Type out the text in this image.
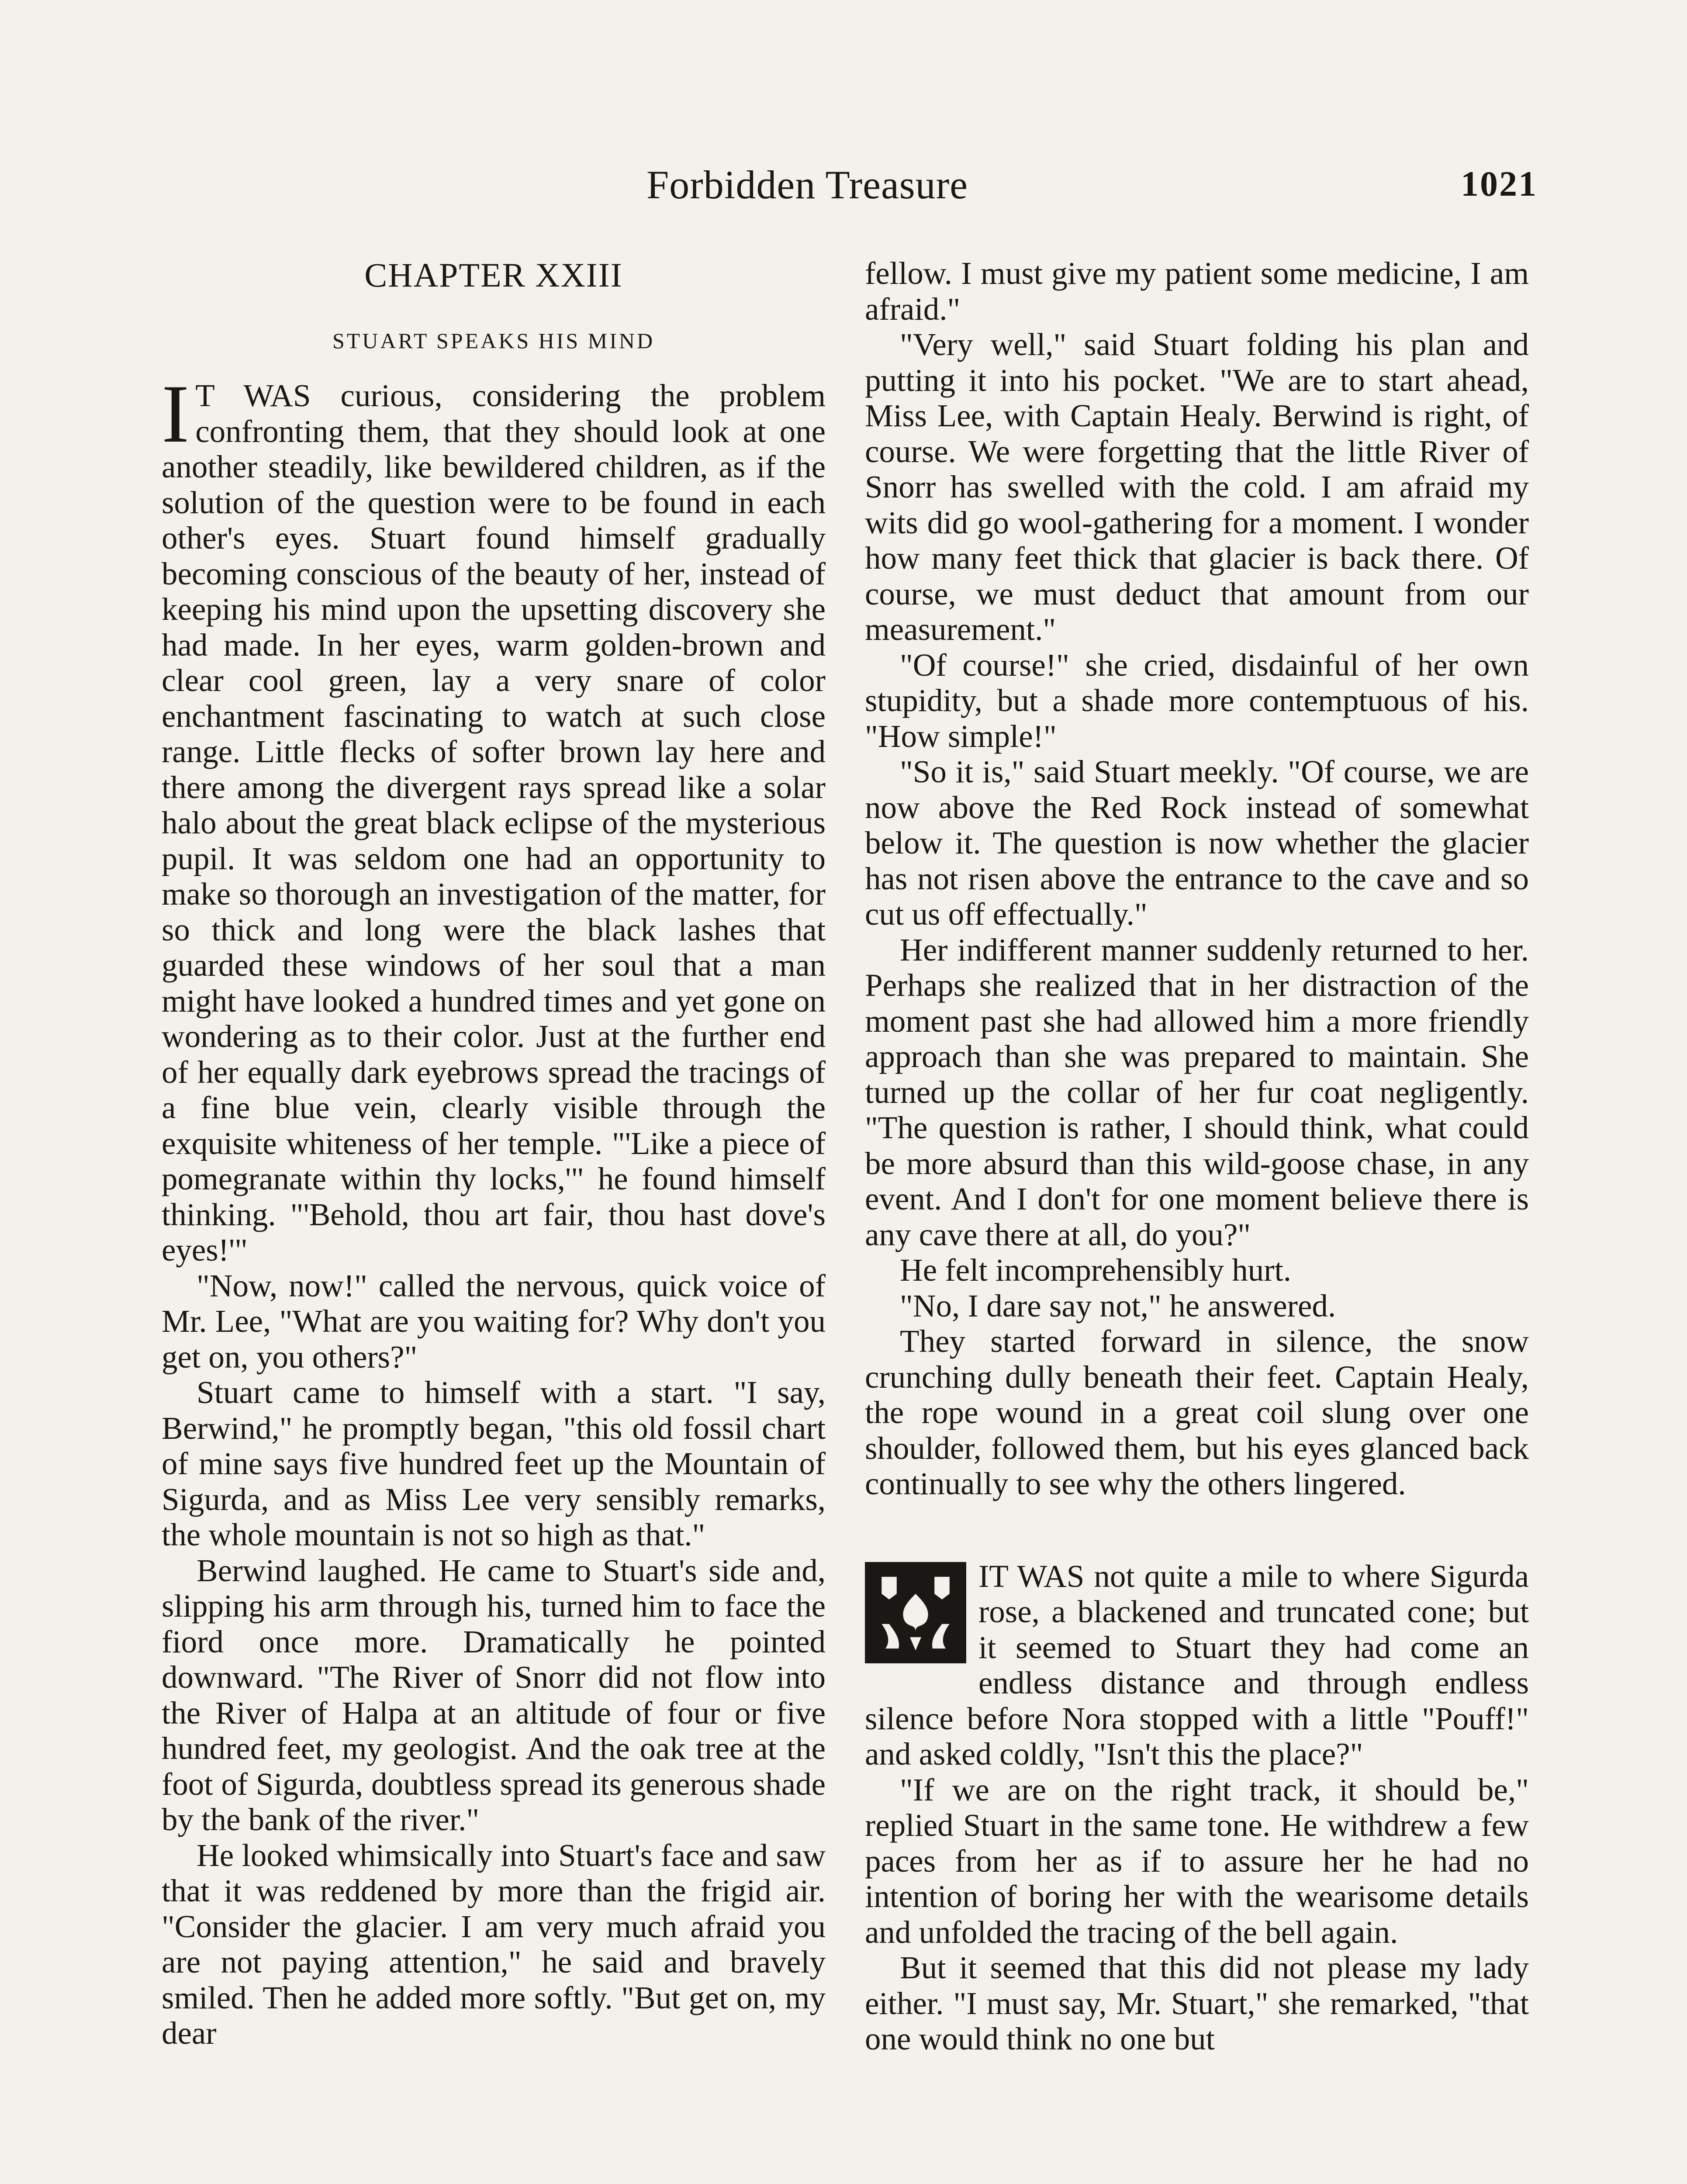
Forbidden Treasure	1021
CHAPTER XXIII
STUART SPEAKS HIS MIND

I T WAS curious, considering the problem confronting them, that they should look at one another steadily, like bewildered children, as if the solution of the question were to be found in each other's eyes. Stuart found himself gradually becoming conscious of the beauty of her, instead of keeping his mind upon the upsetting discovery she had made. In her eyes, warm golden-brown and clear cool green, lay a very snare of color enchantment fascinating to watch at such close range. Little flecks of softer brown lay here and there among the divergent rays spread like a solar halo about the great black eclipse of the mysterious pupil. It was seldom one had an opportunity to make so thorough an investigation of the matter, for so thick and long were the black lashes that guarded these windows of her soul that a man might have looked a hundred times and yet gone on wondering as to their color. Just at the further end of her equally dark eyebrows spread the tracings of a fine blue vein, clearly visible through the exquisite whiteness of her temple. "'Like a piece of pomegranate within thy locks,'" he found himself thinking. "'Behold, thou art fair, thou hast dove's eyes!'"

"Now, now!" called the nervous, quick voice of Mr. Lee, "What are you waiting for? Why don't you get on, you others?"

Stuart came to himself with a start. "I say, Berwind," he promptly began, "this old fossil chart of mine says five hundred feet up the Mountain of Sigurda, and as Miss Lee very sensibly remarks, the whole mountain is not so high as that."

Berwind laughed. He came to Stuart's side and, slipping his arm through his, turned him to face the fiord once more. Dramatically he pointed downward. "The River of Snorr did not flow into the River of Halpa at an altitude of four or five hundred feet, my geologist. And the oak tree at the foot of Sigurda, doubtless spread its generous shade by the bank of the river."

He looked whimsically into Stuart's face and saw that it was reddened by more than the frigid air. "Consider the glacier. I am very much afraid you are not paying attention," he said and bravely smiled. Then he added more softly. "But get on, my dear

fellow. I must give my patient some medicine, I am afraid."

"Very well," said Stuart folding his plan and putting it into his pocket. "We are to start ahead, Miss Lee, with Captain Healy. Berwind is right, of course. We were forgetting that the little River of Snorr has swelled with the cold. I am afraid my wits did go wool-gathering for a moment. I wonder how many feet thick that glacier is back there. Of course, we must deduct that amount from our measurement."

"Of course!" she cried, disdainful of her own stupidity, but a shade more contemptuous of his. "How simple!"

"So it is," said Stuart meekly. "Of course, we are now above the Red Rock instead of somewhat below it. The question is now whether the glacier has not risen above the entrance to the cave and so cut us off effectually."

Her indifferent manner suddenly returned to her. Perhaps she realized that in her distraction of the moment past she had allowed him a more friendly approach than she was prepared to maintain. She turned up the collar of her fur coat negligently. "The question is rather, I should think, what could be more absurd than this wild-goose chase, in any event. And I don't for one moment believe there is any cave there at all, do you?"

He felt incomprehensibly hurt.

"No, I dare say not," he answered.

They started forward in silence, the snow crunching dully beneath their feet. Captain Healy, the rope wound in a great coil slung over one shoulder, followed them, but his eyes glanced back continually to see why the others lingered.

IT WAS not quite a mile to where Sigurda rose, a blackened and truncated cone; but it seemed to Stuart they had come an endless distance and through endless silence before Nora stopped with a little "Pouff!" and asked coldly, "Isn't this the place?"

"If we are on the right track, it should be," replied Stuart in the same tone. He withdrew a few paces from her as if to assure her he had no intention of boring her with the wearisome details and unfolded the tracing of the bell again.

But it seemed that this did not please my lady either. "I must say, Mr. Stuart," she remarked, "that one would think no one but
